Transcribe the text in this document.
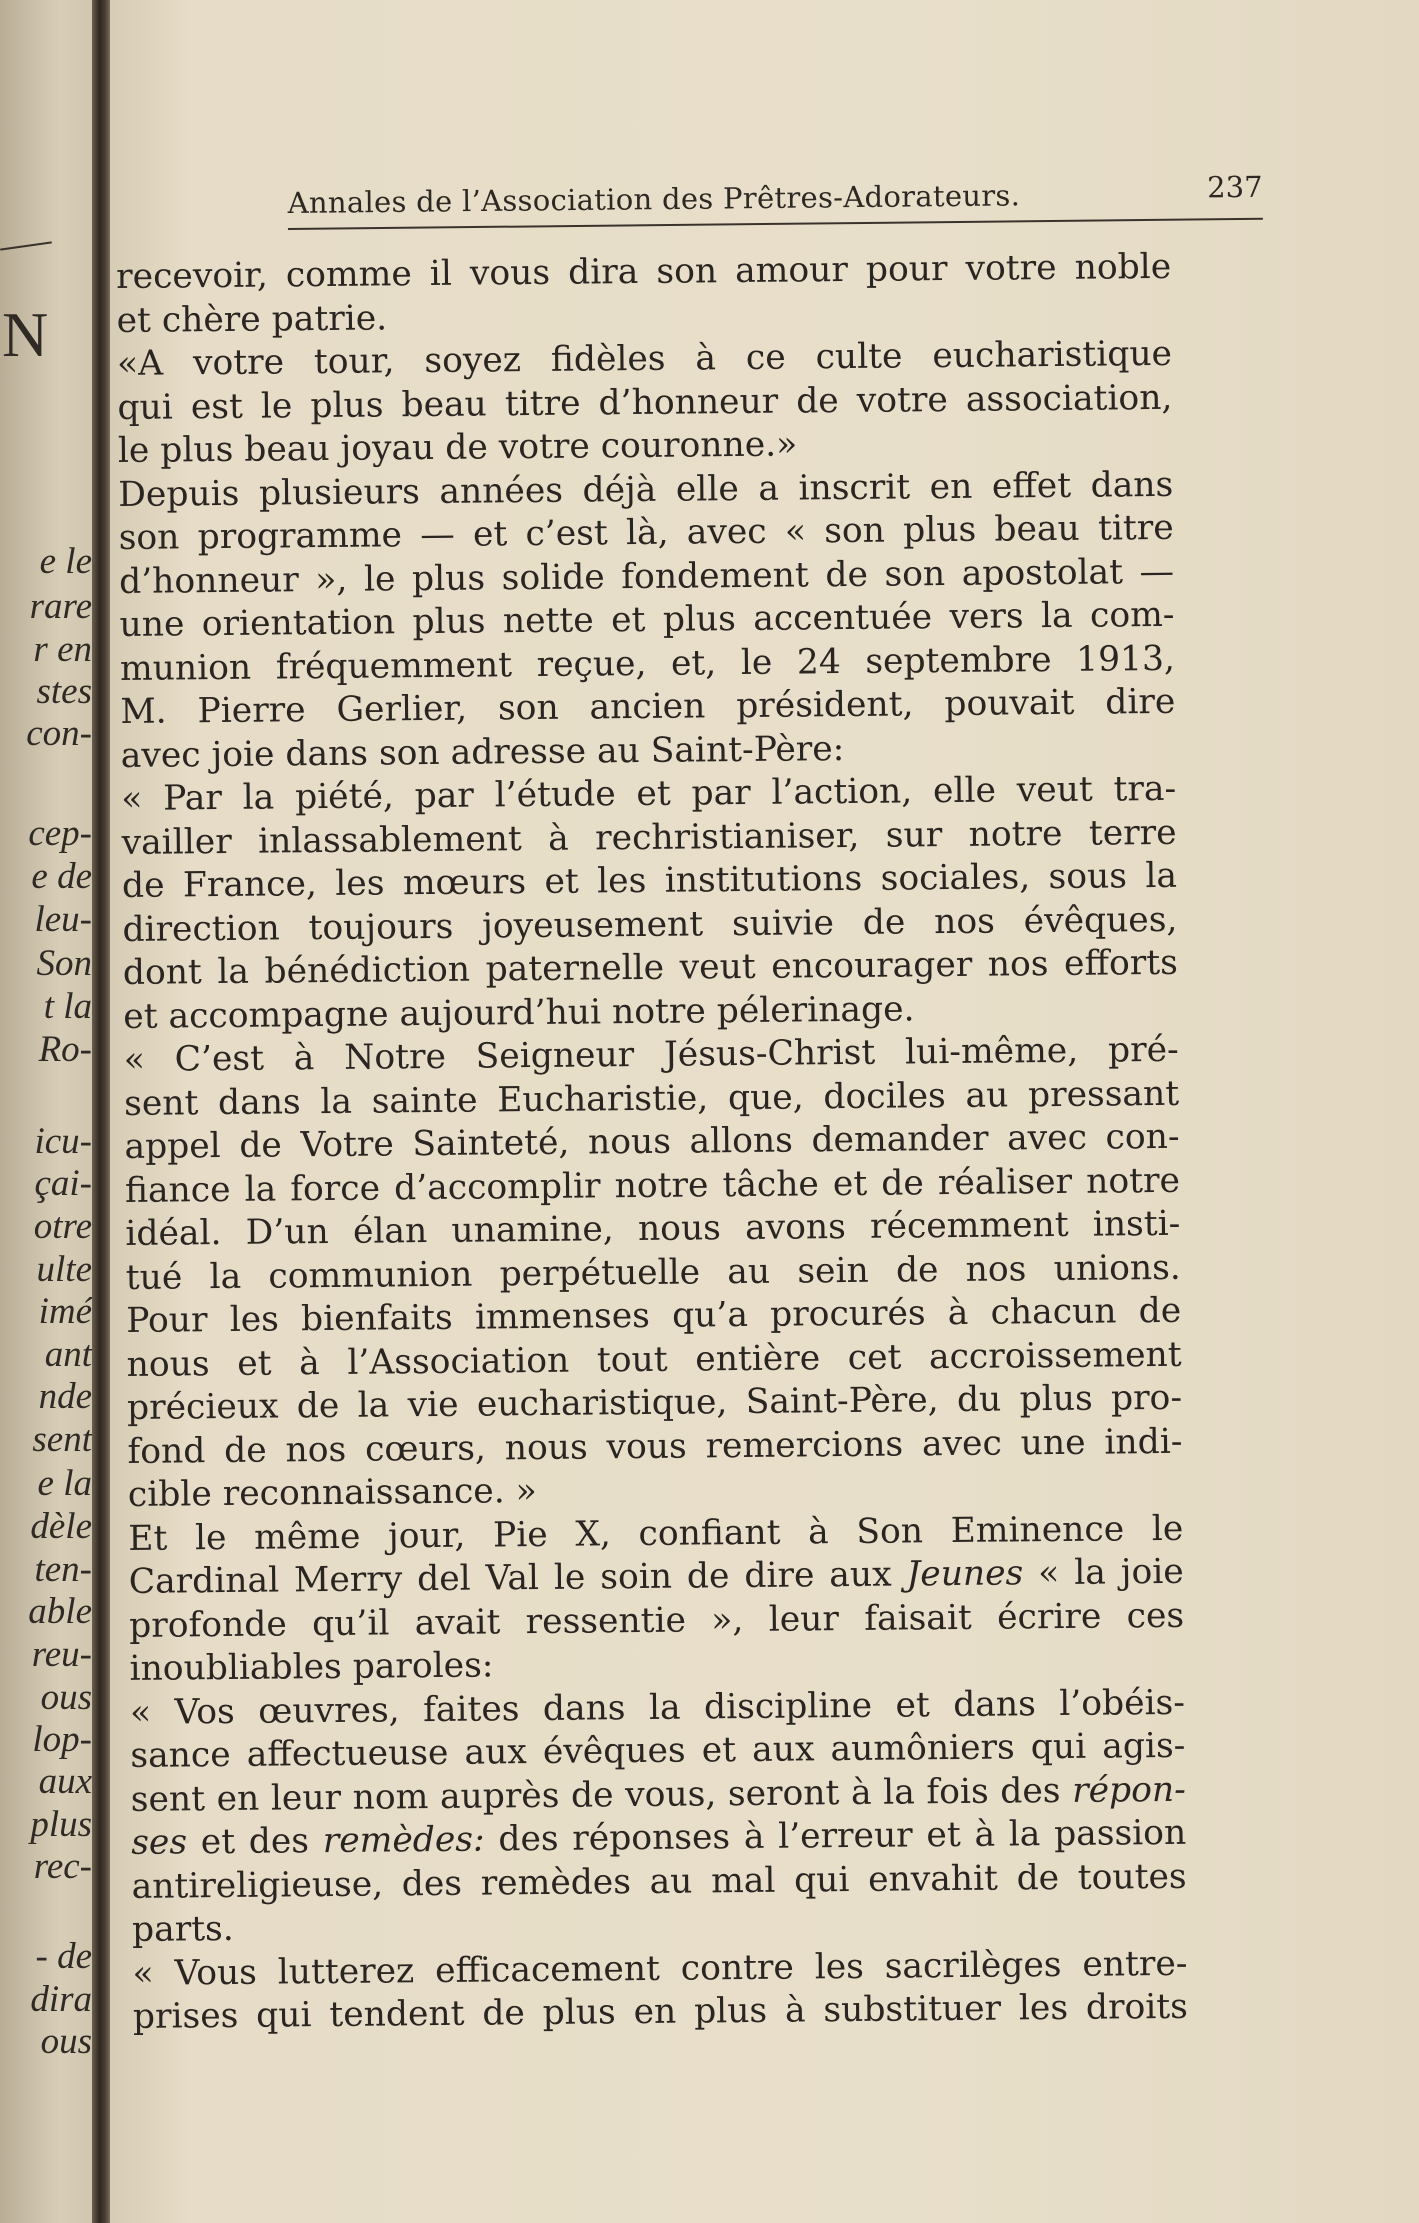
N
e le
rare
r en
stes
con-
cep-
e de
leu-
Son
t la
Ro-
icu-
çai-
otre
ulte
imé
ant
nde
sent
e la
dèle
ten-
able
reu-
ous
lop-
aux
plus
rec-
- de
dira
ous
Annales de l’Association des Prêtres-Adorateurs.	237
recevoir, comme il vous dira son amour pour votre noble
et chère patrie.
«A votre tour, soyez fidèles à ce culte eucharistique
qui est le plus beau titre d’honneur de votre association,
le plus beau joyau de votre couronne.»
Depuis plusieurs années déjà elle a inscrit en effet dans
son programme — et c’est là, avec « son plus beau titre
d’honneur », le plus solide fondement de son apostolat —
une orientation plus nette et plus accentuée vers la com-
munion fréquemment reçue, et, le 24 septembre 1913,
M. Pierre Gerlier, son ancien président, pouvait dire
avec joie dans son adresse au Saint-Père:
« Par la piété, par l’étude et par l’action, elle veut tra-
vailler inlassablement à rechristianiser, sur notre terre
de France, les mœurs et les institutions sociales, sous la
direction toujours joyeusement suivie de nos évêques,
dont la bénédiction paternelle veut encourager nos efforts
et accompagne aujourd’hui notre pélerinage.
« C’est à Notre Seigneur Jésus-Christ lui-même, pré-
sent dans la sainte Eucharistie, que, dociles au pressant
appel de Votre Sainteté, nous allons demander avec con-
fiance la force d’accomplir notre tâche et de réaliser notre
idéal. D’un élan unamine, nous avons récemment insti-
tué la communion perpétuelle au sein de nos unions.
Pour les bienfaits immenses qu’a procurés à chacun de
nous et à l’Association tout entière cet accroissement
précieux de la vie eucharistique, Saint-Père, du plus pro-
fond de nos cœurs, nous vous remercions avec une indi-
cible reconnaissance. »
Et le même jour, Pie X, confiant à Son Eminence le
Cardinal Merry del Val le soin de dire aux Jeunes « la joie
profonde qu’il avait ressentie », leur faisait écrire ces
inoubliables paroles:
« Vos œuvres, faites dans la discipline et dans l’obéis-
sance affectueuse aux évêques et aux aumôniers qui agis-
sent en leur nom auprès de vous, seront à la fois des répon-
ses et des remèdes: des réponses à l’erreur et à la passion
antireligieuse, des remèdes au mal qui envahit de toutes
parts.
« Vous lutterez efficacement contre les sacrilèges entre-
prises qui tendent de plus en plus à substituer les droits
